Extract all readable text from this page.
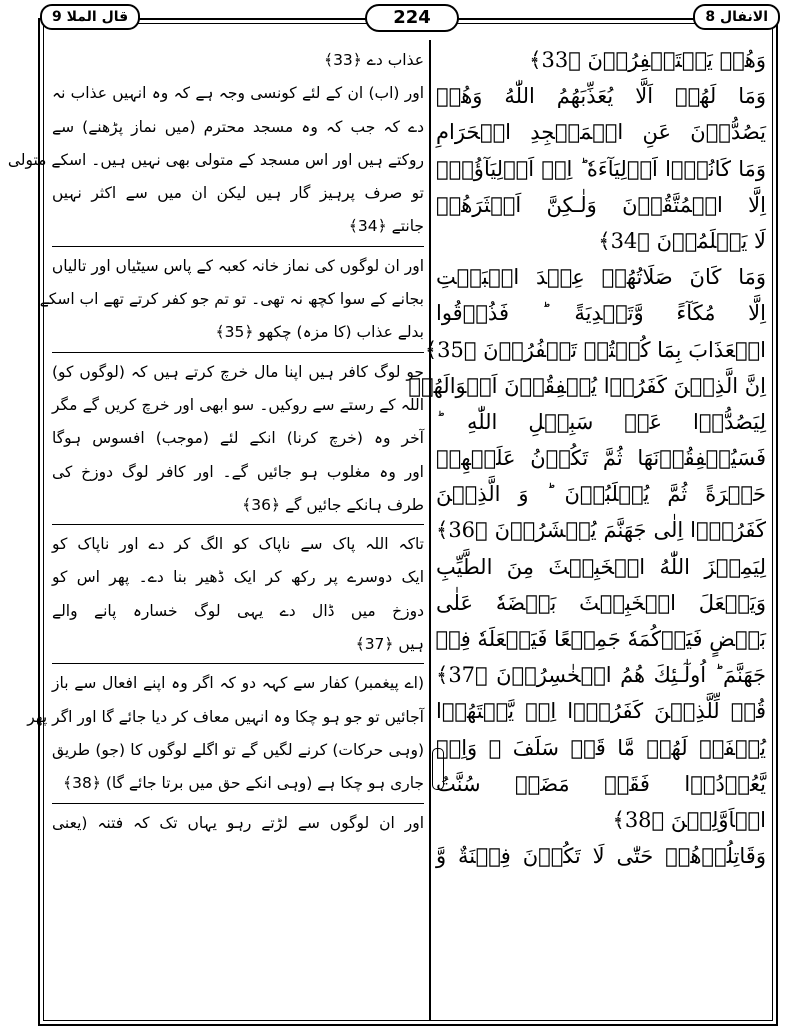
الانفال 8
224
قال الملا 9
وَهُمۡ يَسۡتَغۡفِرُوۡنَ ﴿33﴾
وَمَا لَهُمۡ اَلَّا يُعَذِّبَهُمُ اللّٰهُ وَهُمۡ
يَصُدُّوۡنَ عَنِ الۡمَسۡجِدِ الۡحَرَامِ
وَمَا كَانُوۡۤا اَوۡلِيَآءَهٗ ؕ اِنۡ اَوۡلِيَآؤُهٗۤ
اِلَّا الۡمُتَّقُوۡنَ وَلٰـكِنَّ اَكۡثَرَهُمۡ
لَا يَعۡلَمُوۡنَ ﴿34﴾
وَمَا كَانَ صَلَاتُهُمۡ عِنۡدَ الۡبَيۡتِ
اِلَّا مُكَآءً وَّتَصۡدِيَةً ؕ فَذُوۡقُوا
الۡعَذَابَ بِمَا كُنۡتُمۡ تَكۡفُرُوۡنَ ﴿35﴾
اِنَّ الَّذِيۡنَ كَفَرُوۡا يُنۡفِقُوۡنَ اَمۡوَالَهُمۡ
لِيَصُدُّوۡا عَنۡ سَبِيۡلِ اللّٰهِ ؕ
فَسَيُنۡفِقُوۡنَهَا ثُمَّ تَكُوۡنُ عَلَيۡهِمۡ
حَسۡرَةً ثُمَّ يُغۡلَبُوۡنَ ؕ وَ الَّذِيۡنَ
كَفَرُوۡۤا اِلٰى جَهَنَّمَ يُحۡشَرُوۡنَ ﴿36﴾
لِيَمِيۡزَ اللّٰهُ الۡخَبِيۡثَ مِنَ الطَّيِّبِ
وَيَجۡعَلَ الۡخَبِيۡثَ بَعۡضَهٗ عَلٰى
بَعۡضٍ فَيَرۡكُمَهٗ جَمِيۡعًا فَيَجۡعَلَهٗ فِىۡ
جَهَنَّمَ ؕ اُولٰٓـئِكَ هُمُ الۡخٰسِرُوۡنَ ﴿37﴾
قُلۡ لِّلَّذِيۡنَ كَفَرُوۡۤا اِنۡ يَّنۡتَهُوۡا
يُغۡفَرۡ لَهُمۡ مَّا قَدۡ سَلَفَ ۚ وَاِنۡ
يَّعُوۡدُوۡا فَقَدۡ مَضَتۡ سُنَّتُ
الۡاَوَّلِيۡنَ ﴿38﴾
وَقَاتِلُوۡهُمۡ حَتّٰى لَا تَكُوۡنَ فِتۡنَةٌ وَّ
عذاب دے ﴿33﴾
اور (اب) ان کے لئے کونسی وجہ ہے کہ وہ انہیں عذاب نہ
دے کہ جب کہ وہ مسجد محترم (میں نماز پڑھنے) سے
روکتے ہیں اور اس مسجد کے متولی بھی نہیں ہیں۔ اسکے متولی
تو صرف پرہیز گار ہیں لیکن ان میں سے اکثر نہیں
جانتے ﴿34﴾
اور ان لوگوں کی نماز خانہ کعبہ کے پاس سیٹیاں اور تالیاں
بجانے کے سوا کچھ نہ تھی۔ تو تم جو کفر کرتے تھے اب اسکے
بدلے عذاب (کا مزہ) چکھو ﴿35﴾
جو لوگ کافر ہیں اپنا مال خرچ کرتے ہیں کہ (لوگوں کو)
اللہ کے رستے سے روکیں۔ سو ابھی اور خرچ کریں گے مگر
آخر وہ (خرچ کرنا) انکے لئے (موجب) افسوس ہوگا
اور وہ مغلوب ہو جائیں گے۔ اور کافر لوگ دوزخ کی
طرف ہانکے جائیں گے ﴿36﴾
تاکہ اللہ پاک سے ناپاک کو الگ کر دے اور ناپاک کو
ایک دوسرے پر رکھ کر ایک ڈھیر بنا دے۔ پھر اس کو
دوزخ میں ڈال دے یہی لوگ خسارہ پانے والے
ہیں ﴿37﴾
(اے پیغمبر) کفار سے کہہ دو کہ اگر وہ اپنے افعال سے باز
آجائیں تو جو ہو چکا وہ انہیں معاف کر دیا جائے گا اور اگر پھر
(وہی حرکات) کرنے لگیں گے تو اگلے لوگوں کا (جو) طریق
جاری ہو چکا ہے (وہی انکے حق میں برتا جائے گا) ﴿38﴾
اور ان لوگوں سے لڑتے رہو یہاں تک کہ فتنہ (یعنی
